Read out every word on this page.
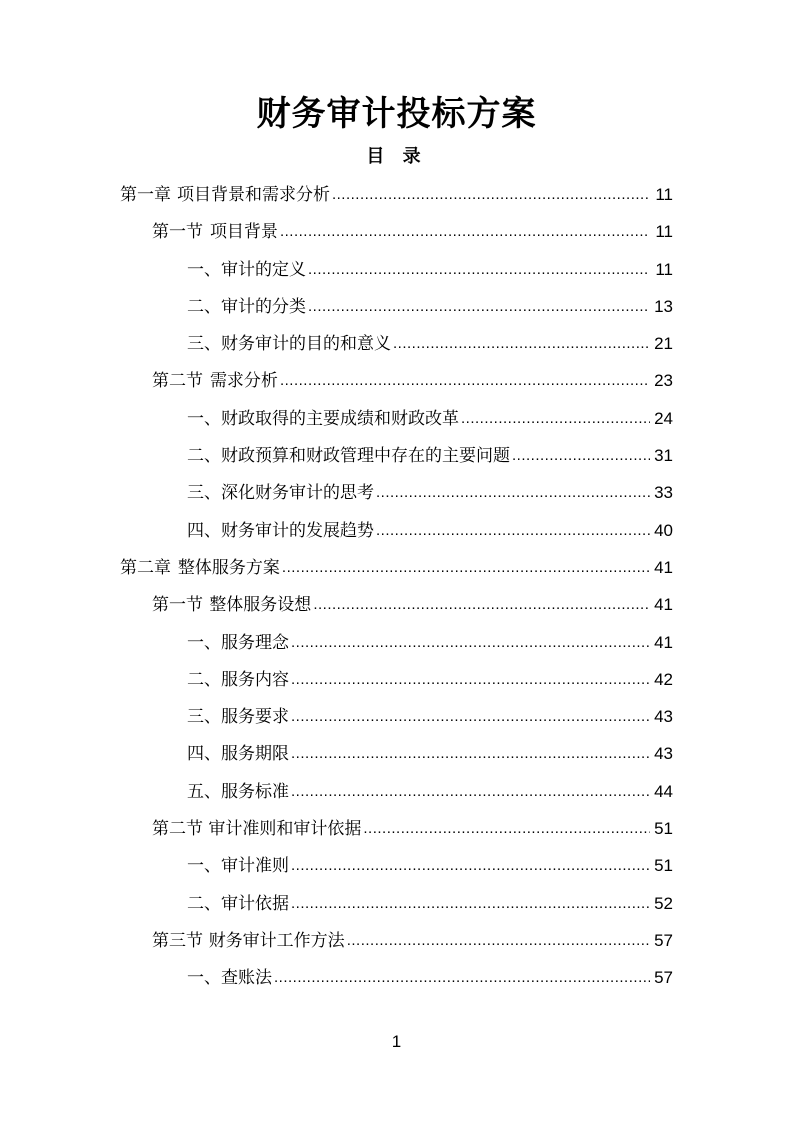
财务审计投标方案
目 录
第一章 项目背景和需求分析 .....	11
第一节 项目背景 .....	11
一、 审计的定义 .....	11
二、 审计的分类 .....	13
三、 财务审计的目的和意义 .....	21
第二节 需求分析 .....	23
一、 财政取得的主要成绩和财政改革 .....	24
二、 财政预算和财政管理中存在的主要问题 .....	31
三、 深化财务审计的思考 .....	33
四、 财务审计的发展趋势 .....	40
第二章 整体服务方案 .....	41
第一节 整体服务设想 .....	41
一、 服务理念 .....	41
二、 服务内容 .....	42
三、 服务要求 .....	43
四、 服务期限 .....	43
五、 服务标准 .....	44
第二节 审计准则和审计依据 .....	51
一、 审计准则 .....	51
二、 审计依据 .....	52
第三节 财务审计工作方法 .....	57
一、 查账法 .....	57
1
